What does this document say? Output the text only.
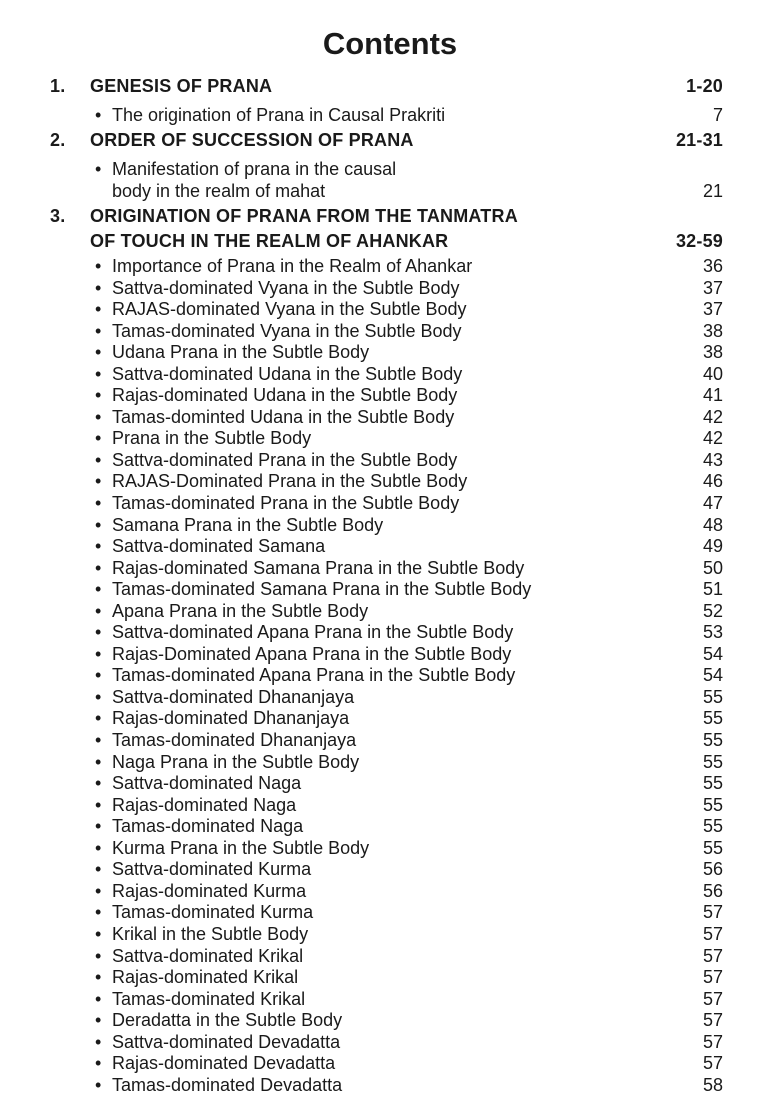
Contents
1. GENESIS OF PRANA	1-20
• The origination of Prana in Causal Prakriti	7
2. ORDER OF SUCCESSION OF PRANA	21-31
• Manifestation of prana in the causal
body in the realm of mahat	21
3. ORIGINATION OF PRANA FROM THE TANMATRA
OF TOUCH IN THE REALM OF AHANKAR	32-59
• Importance of Prana in the Realm of Ahankar	36
• Sattva-dominated Vyana in the Subtle Body	37
• RAJAS-dominated Vyana in the Subtle Body	37
• Tamas-dominated Vyana in the Subtle Body	38
• Udana Prana in the Subtle Body	38
• Sattva-dominated Udana in the Subtle Body	40
• Rajas-dominated Udana in the Subtle Body	41
• Tamas-dominted Udana in the Subtle Body	42
• Prana in the Subtle Body	42
• Sattva-dominated Prana in the Subtle Body	43
• RAJAS-Dominated Prana in the Subtle Body	46
• Tamas-dominated Prana in the Subtle Body	47
• Samana Prana in the Subtle Body	48
• Sattva-dominated Samana	49
• Rajas-dominated Samana Prana in the Subtle Body	50
• Tamas-dominated Samana Prana in the Subtle Body	51
• Apana Prana in the Subtle Body	52
• Sattva-dominated Apana Prana in the Subtle Body	53
• Rajas-Dominated Apana Prana in the Subtle Body	54
• Tamas-dominated Apana Prana in the Subtle Body	54
• Sattva-dominated Dhananjaya	55
• Rajas-dominated Dhananjaya	55
• Tamas-dominated Dhananjaya	55
• Naga Prana in the Subtle Body	55
• Sattva-dominated Naga	55
• Rajas-dominated Naga	55
• Tamas-dominated Naga	55
• Kurma Prana in the Subtle Body	55
• Sattva-dominated Kurma	56
• Rajas-dominated Kurma	56
• Tamas-dominated Kurma	57
• Krikal in the Subtle Body	57
• Sattva-dominated Krikal	57
• Rajas-dominated Krikal	57
• Tamas-dominated Krikal	57
• Deradatta in the Subtle Body	57
• Sattva-dominated Devadatta	57
• Rajas-dominated Devadatta	57
• Tamas-dominated Devadatta	58
